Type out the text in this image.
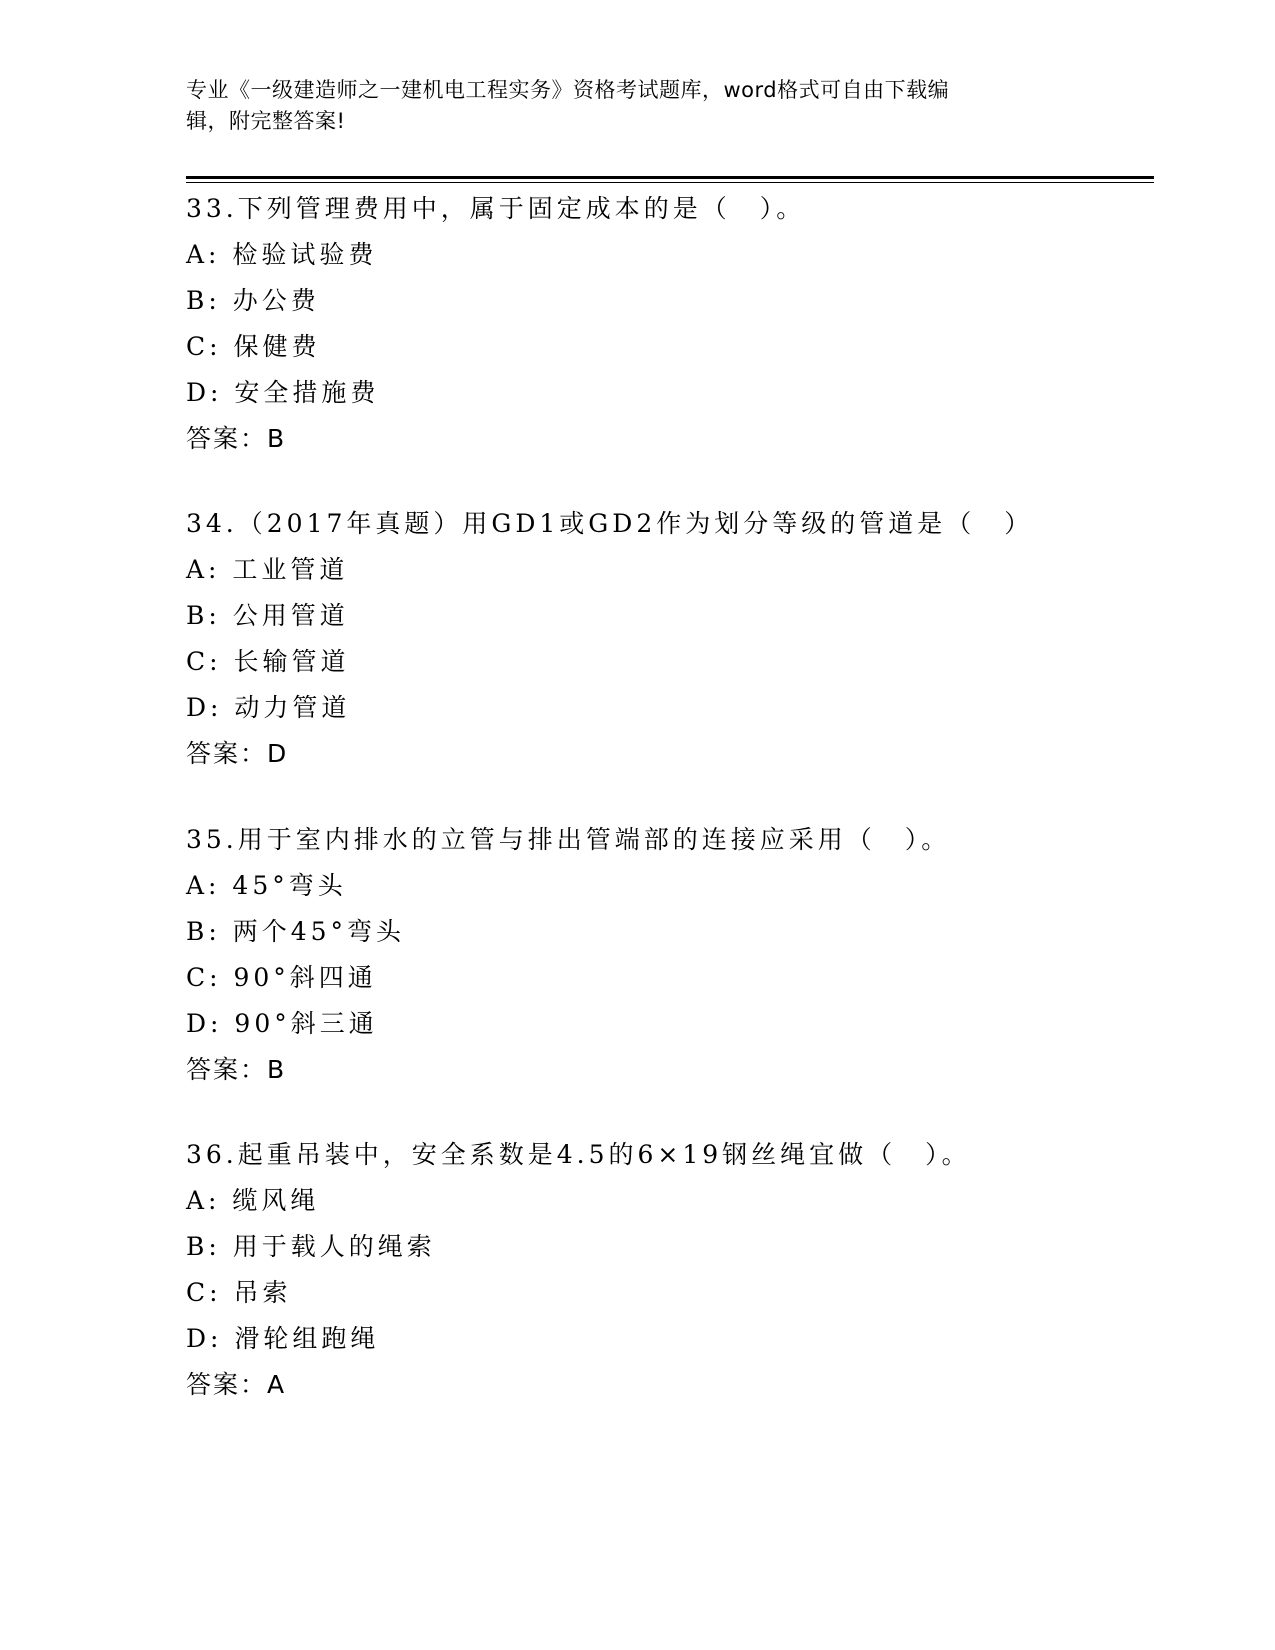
专业《一级建造师之一建机电工程实务》资格考试题库，word格式可自由下载编
辑，附完整答案!
33.下列管理费用中，属于固定成本的是（　）。
A: 检验试验费
B: 办公费
C: 保健费
D: 安全措施费
答案：B
34.（2017年真题）用GD1或GD2作为划分等级的管道是（　）
A: 工业管道
B: 公用管道
C: 长输管道
D: 动力管道
答案：D
35.用于室内排水的立管与排出管端部的连接应采用（　）。
A: 45°弯头
B: 两个45°弯头
C: 90°斜四通
D: 90°斜三通
答案：B
36.起重吊装中，安全系数是4.5的6×19钢丝绳宜做（　）。
A: 缆风绳
B: 用于载人的绳索
C: 吊索
D: 滑轮组跑绳
答案：A
